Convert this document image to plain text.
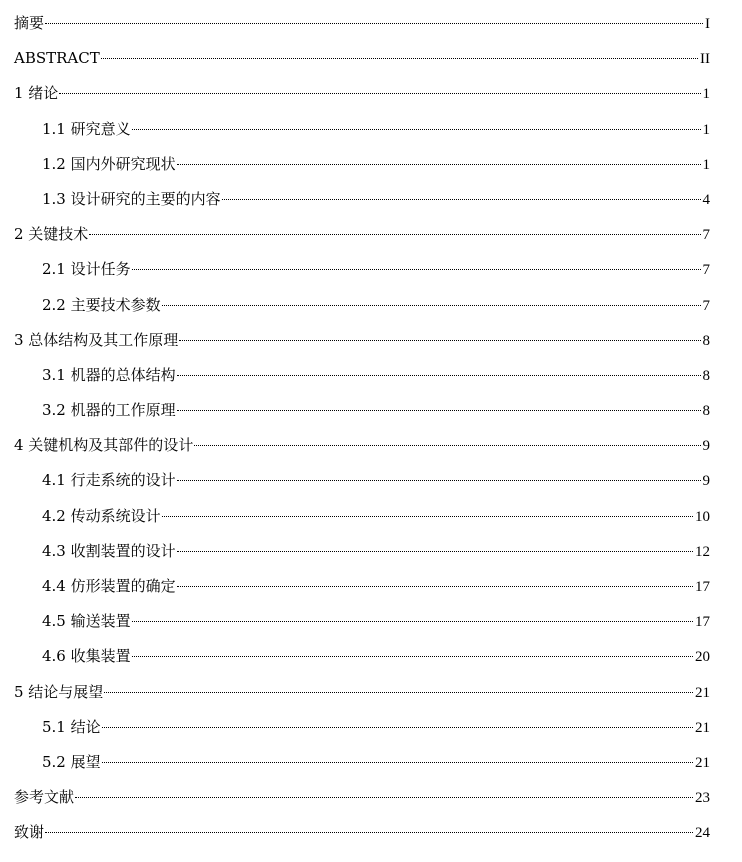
摘要	I
ABSTRACT	II
1 绪论	1
1.1 研究意义	1
1.2 国内外研究现状	1
1.3 设计研究的主要的内容	4
2 关键技术	7
2.1 设计任务	7
2.2 主要技术参数	7
3 总体结构及其工作原理	8
3.1 机器的总体结构	8
3.2 机器的工作原理	8
4 关键机构及其部件的设计	9
4.1 行走系统的设计	9
4.2 传动系统设计	10
4.3 收割装置的设计	12
4.4 仿形装置的确定	17
4.5 输送装置	17
4.6 收集装置	20
5 结论与展望	21
5.1 结论	21
5.2 展望	21
参考文献	23
致谢	24
